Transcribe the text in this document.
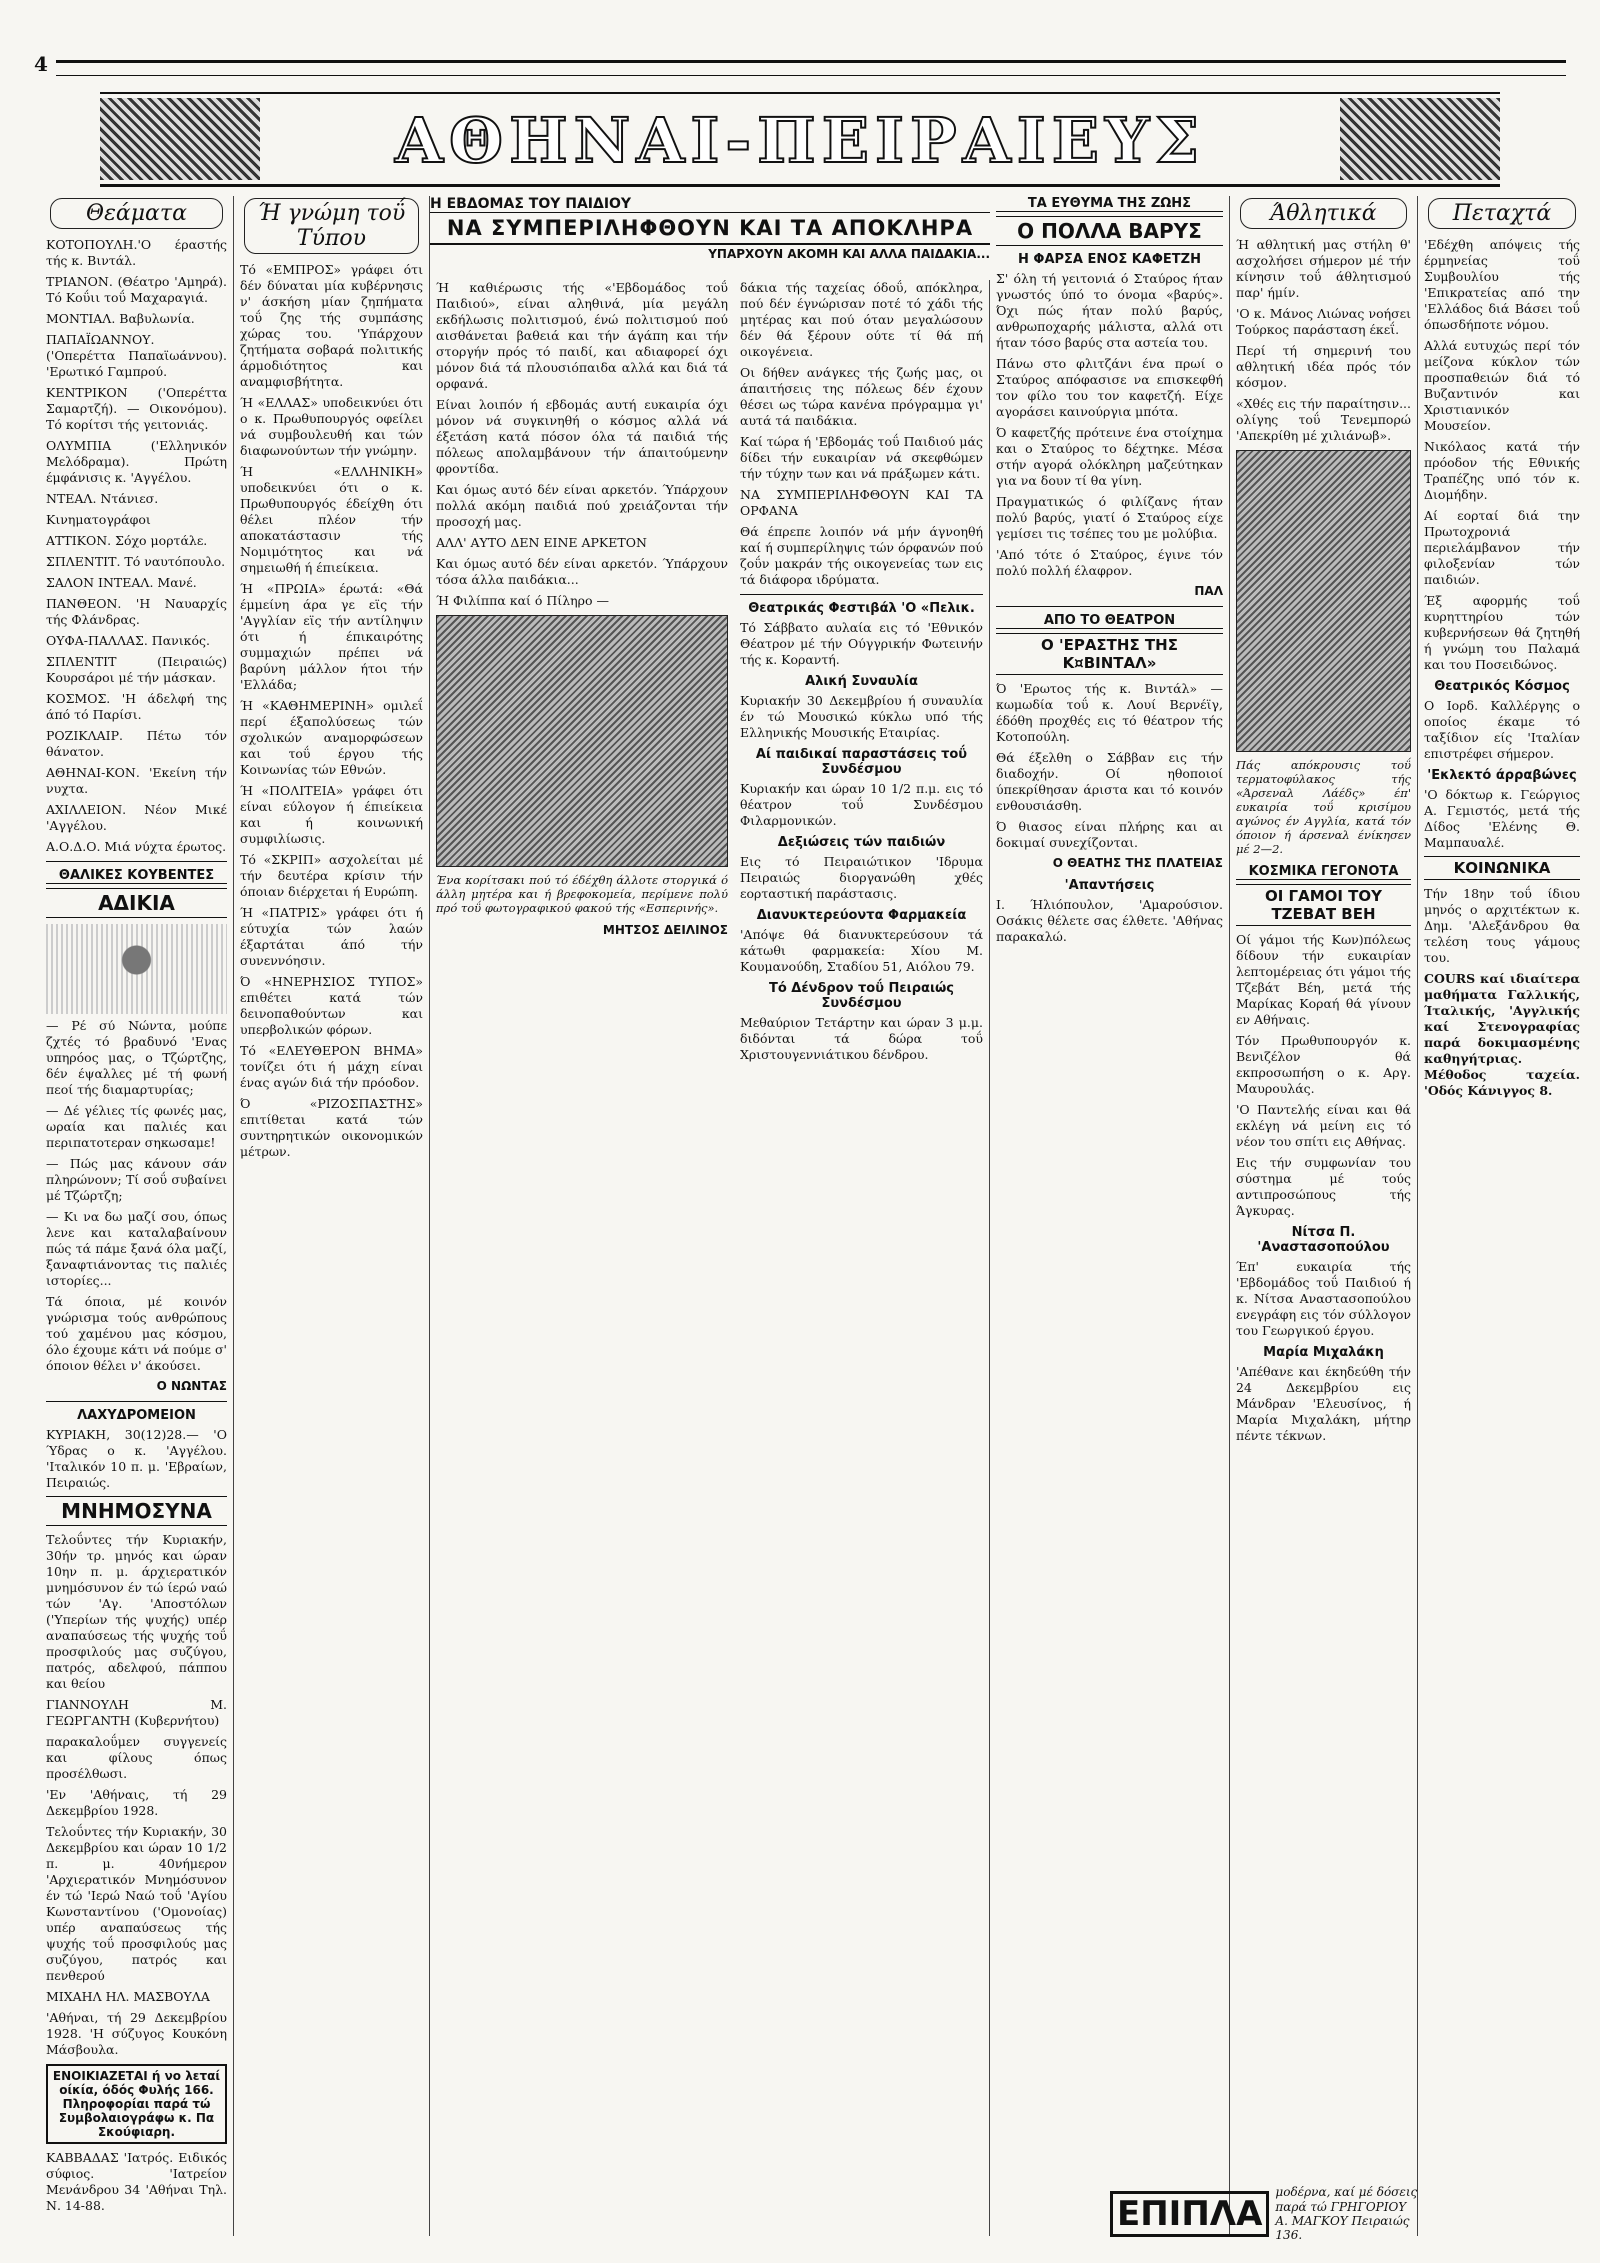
4
ΑΘΗΝΑΙ-ΠΕΙΡΑΙΕΥΣ
Θεάματα

ΚΟΤΟΠΟΥΛΗ.'Ο έραστής τής κ. Βιντάλ.

ΤΡΙΑΝΟΝ. (Θέατρο 'Αμηρά). Τό Κοΰιι τοΰ Μαχαραγιά.

ΜΟΝΤΙΑΛ. Βαβυλωνία.

ΠΑΠΑΪΩΑΝΝΟΥ. ('Οπερέττα Παπαϊωάννου). 'Ερωτικό Γαμπρού.

ΚΕΝΤΡΙΚΟΝ ('Οπερέττα Σαμαρτζή). — Οικονόμου). Τό κορίτσι τής γειτονιάς.

ΟΛΥΜΠΙΑ ('Ελληνικόν Μελόδραμα). Πρώτη έμφάνισις κ. 'Αγγέλου.

ΝΤΕΑΛ. Ντάνιεσ.

Κινηματογράφοι

ΑΤΤΙΚΟΝ. Σόχο μορτάλε.

ΣΠΛΕΝΤΙΤ. Τό ναυτόπουλο.

ΣΑΛΟΝ ΙΝΤΕΑΛ. Μανέ.

ΠΑΝΘΕΟΝ. 'Η Ναυαρχίς τής Φλάνδρας.

ΟΥΦΑ-ΠΑΛΛΑΣ. Πανικός.

ΣΠΛΕΝΤΙΤ (Πειραιώς) Κουρσάροι μέ τήν μάσκαν.

ΚΟΣΜΟΣ. 'Η άδελφή της άπό τό Παρίσι.

ΡΟΖΙΚΛΑΙΡ. Πέτω τόν θάνατον.

ΑΘΗΝΑΙ-ΚΟΝ. 'Εκείνη τήν νυχτα.

ΑΧΙΛΛΕΙΟΝ. Νέον Μικέ 'Αγγέλου.

Α.Ο.Δ.Ο. Μιά νύχτα έρωτος.

ΘΑΛΙΚΕΣ ΚΟΥΒΕΝΤΕΣ
ΑΔΙΚΙΑ

— Ρέ σύ Νώντα, μούπε ζχτές τό βραδυνό 'Ενας υπηρόος μας, ο Τζώρτζης, δέν έψαλλες μέ τή φωνή πεοί τής διαμαρτυρίας;

— Δέ γέλιες τίς φωνές μας, ωραία και παλιές και περιπατοτεραν σηκωσαμε!

— Πώς μας κάνουν σάν πληρώνονν; Τί σοΰ συβαίνει μέ Τζώρτζη;

— Κι να δω μαζί σου, όπως λενε και καταλαβαίνουν πώς τά πάμε ξανά όλα μαζί, ξαναφτιάνοντας τις παλιές ιστορίες...

Τά όποια, μέ κοινόν γνώρισμα τούς ανθρώπους τού χαμένου μας κόσμου, όλο έχουμε κάτι νά πούμε σ' όποιον θέλει ν' άκούσει.

Ο ΝΩΝΤΑΣ
ΛΑΧΥΔΡΟΜΕΙΟΝ

ΚΥΡΙΑΚΗ, 30(12)28.— 'Ο Ύδρας ο κ. 'Αγγέλου. 'Ιταλικόν 10 π. μ. 'Εβραίων, Πειραιώς.

ΜΝΗΜΟΣΥΝΑ

Τελοΰντες τήν Κυριακήν, 30ήν τρ. μηνός και ώραν 10ην π. μ. άρχιερατικόν μνημόσυνον έν τώ ίερώ ναώ τών 'Αγ. 'Αποστόλων ('Υπερίων τής ψυχής) υπέρ αναπαύσεως τής ψυχής τοΰ προσφιλούς μας συζύγου, πατρός, αδελφού, πάππου και θείου

ΓΙΑΝΝΟΥΛΗ Μ. ΓΕΩΡΓΑΝΤΗ (Κυβερνήτου)

παρακαλοΰμεν συγγενείς και φίλους όπως προσέλθωσι.

'Εν 'Αθήναις, τή 29 Δεκεμβρίου 1928.

Τελοΰντες τήν Κυριακήν, 30 Δεκεμβρίου και ώραν 10 1/2 π. μ. 40νήμερον 'Αρχιερατικόν Μνημόσυνον έν τώ 'Ιερώ Ναώ τοΰ 'Αγίου Κωνσταντίνου ('Ομονοίας) υπέρ αναπαύσεως τής ψυχής τοΰ προσφιλούς μας συζύγου, πατρός και πενθερού

ΜΙΧΑΗΛ ΗΛ. ΜΑΣΒΟΥΛΑ

'Αθήναι, τή 29 Δεκεμβρίου 1928. 'Η σύζυγος Κουκόνη Μάσβουλα.

ΕΝΟΙΚΙΑΖΕΤΑΙ ή νο λεταί οίκία, όδός Φυλής 166. Πληροφορίαι παρά τώ Συμβολαιογράφω κ. Πα Σκούφιαρη.

ΚΑΒΒΑΔΑΣ 'Ιατρός. Ειδικός σύφιος. 'Ιατρείον Μενάνδρου 34 'Αθήναι Τηλ. Ν. 14-88.

Ή γνώμη τοΰ Τύπου

Τό «ΕΜΠΡΟΣ» γράφει ότι δέν δύναται μία κυβέρνησις ν' άσκήση μίαν ζηπήματα τοΰ ζης τής συμπάσης χώρας του. 'Υπάρχουν ζητήματα σοβαρά πολιτικής άρμοδιότητος και αναμφισβήτητα.

Ή «ΕΛΛΑΣ» υποδεικνύει ότι ο κ. Πρωθυπουργός οφείλει νά συμβουλευθή και τών διαφωνούντων τήν γνώμην.

Ή «ΕΛΛΗΝΙΚΗ» υποδεικνύει ότι ο κ. Πρωθυπουργός έδείχθη ότι θέλει πλέον τήν αποκατάστασιν τής Νομιμότητος και νά σημειωθή ή έπιείκεια.

Ή «ΠΡΩΙΑ» έρωτά: «Θά έμμείνη άρα γε εϊς τήν 'Αγγλίαν εϊς τήν αντίληψιν ότι ή έπικαιρότης συμμαχιών πρέπει νά βαρύνη μάλλον ήτοι τήν 'Ελλάδα;

Ή «ΚΑΘΗΜΕΡΙΝΗ» ομιλεΐ περί έξαπολύσεως τών σχολικών αναμορφώσεων και τοΰ έργου τής Κοινωνίας τών Εθνών.

Ή «ΠΟΛΙΤΕΙΑ» γράφει ότι είναι εύλογον ή έπιείκεια και ή κοινωνική συμφιλίωσις.

Τό «ΣΚΡΙΠ» ασχολείται μέ τήν δευτέρα κρίσιν τήν όποιαν διέρχεται ή Ευρώπη.

Ή «ΠΑΤΡΙΣ» γράφει ότι ή εύτυχία τών λαών έξαρτάται άπό τήν συνεννόησιν.

Ό «ΗΝΕΡΗΣΙΟΣ ΤΥΠΟΣ» επιθέτει κατά τών δεινοπαθούντων και υπερβολικών φόρων.

Τό «ΕΛΕΥΘΕΡΟΝ ΒΗΜΑ» τονίζει ότι ή μάχη είναι ένας αγών διά τήν πρόοδον.

Ό «ΡΙΖΟΣΠΑΣΤΗΣ» επιτίθεται κατά τών συντηρητικών οικονομικών μέτρων.

Η ΕΒΔΟΜΑΣ ΤΟΥ ΠΑΙΔΙΟΥ
ΝΑ ΣΥΜΠΕΡΙΛΗΦΘΟΥΝ ΚΑΙ ΤΑ ΑΠΟΚΛΗΡΑ
ΥΠΑΡΧΟΥΝ ΑΚΟΜΗ ΚΑΙ ΑΛΛΑ ΠΑΙΔΑΚΙΑ...

Ή καθιέρωσις τής «'Εβδομάδος τοΰ Παιδιού», είναι αληθινά, μία μεγάλη εκδήλωσις πολιτισμού, ένώ πολιτισμού πού αισθάνεται βαθειά και τήν άγάπη και τήν στοργήν πρός τό παιδί, και αδιαφορεί όχι μόνον διά τά πλουσιόπαιδα αλλά και διά τά ορφανά.

Είναι λοιπόν ή εβδομάς αυτή ευκαιρία όχι μόνον νά συγκινηθή ο κόσμος αλλά νά έξετάση κατά πόσον όλα τά παιδιά τής πόλεως απολαμβάνουν τήν άπαιτούμενην φροντίδα.

Και όμως αυτό δέν είναι αρκετόν. Ύπάρχουν πολλά ακόμη παιδιά πού χρειάζονται τήν προσοχή μας.

ΑΛΛ' ΑΥΤΟ ΔΕΝ ΕΙΝΕ ΑΡΚΕΤΟΝ

Και όμως αυτό δέν είναι αρκετόν. Ύπάρχουν τόσα άλλα παιδάκια...

Ή Φιλίππα καί ό Πίληρο —

Ένα κορίτσακι πού τό έδέχθη άλλοτε στοργικά ό άλλη μητέρα και ή βρεφοκομεία, περίμενε πολύ πρό τοΰ φωτογραφικού φακού τής «Εσπερινής».
ΜΗΤΣΟΣ ΔΕΙΛΙΝΟΣ

δάκια τής ταχείας όδοΰ, απόκληρα, πού δέν έγνώρισαν ποτέ τό χάδι τής μητέρας και πού όταν μεγαλώσουν δέν θά ξέρουν ούτε τί θά πή οικογένεια.

Οι δήθεν ανάγκες τής ζωής μας, οι άπαιτήσεις της πόλεως δέν έχουν θέσει ως τώρα κανένα πρόγραμμα γι' αυτά τά παιδάκια.

Καί τώρα ή 'Εβδομάς τοΰ Παιδιού μάς δίδει τήν ευκαιρίαν νά σκεφθώμεν τήν τύχην των και νά πράξωμεν κάτι.

ΝΑ ΣΥΜΠΕΡΙΛΗΦΘΟΥΝ ΚΑΙ ΤΑ ΟΡΦΑΝΑ

Θά έπρεπε λοιπόν νά μήν άγνοηθή καί ή συμπερίληψις τών όρφανών πού ζοΰν μακράν τής οικογενείας των εις τά διάφορα ιδρύματα.

Θεατρικάς Φεστιβάλ 'Ο «Πελικ.

Τό Σάββατο αυλαία εις τό 'Εθνικόν Θέατρον μέ τήν Ούγγρικήν Φωτεινήν τής κ. Κοραντή.

Αλική Συναυλία

Κυριακήν 30 Δεκεμβρίου ή συναυλία έν τώ Μουσικώ κύκλω υπό τής Ελληνικής Μουσικής Εταιρίας.

Αί παιδικαί παραστάσεις τοΰ Συνδέσμου

Κυριακήν και ώραν 10 1/2 π.μ. εις τό θέατρον τοΰ Συνδέσμου Φιλαρμονικών.

Δεξιώσεις τών παιδιών

Εις τό Πειραιώτικον 'Ιδρυμα Πειραιώς διοργανώθη χθές εορταστική παράστασις.

Διανυκτερεύοντα Φαρμακεία

'Απόψε θά διανυκτερεύσουν τά κάτωθι φαρμακεία: Χίου Μ. Κουμανούδη, Σταδίου 51, Αιόλου 79.

Τό Δένδρον τοΰ Πειραιώς Συνδέσμου

Μεθαύριον Τετάρτην και ώραν 3 μ.μ. διδόνται τά δώρα τοΰ Χριστουγεννιάτικου δένδρου.

ΤΑ ΕΥΘΥΜΑ ΤΗΣ ΖΩΗΣ
Ο ΠΟΛΛΑ ΒΑΡΥΣ
Η ΦΑΡΣΑ ΕΝΟΣ ΚΑΦΕΤΖΗ

Σ' όλη τή γειτονιά ό Σταύρος ήταν γνωστός ύπό το όνομα «βαρύς». Όχι πώς ήταν πολύ βαρύς, ανθρωποχαρής μάλιστα, αλλά οτι ήταν τόσο βαρύς στα αστεία του.

Πάνω στο φλιτζάνι ένα πρωί ο Σταύρος απόφασισε να επισκεφθή τον φίλο του τον καφετζή. Είχε αγοράσει καινούργια μπότα.

Ό καφετζής πρότεινε ένα στοίχημα και ο Σταύρος το δέχτηκε. Μέσα στήν αγορά ολόκληρη μαζεύτηκαν για να δουν τί θα γίνη.

Πραγματικώς ό φιλίζανς ήταν πολύ βαρύς, γιατί ό Σταύρος είχε γεμίσει τις τσέπες του με μολύβια.

'Από τότε ό Σταύρος, έγινε τόν πολύ πολλή έλαφρον.

ΠΑΛ
ΑΠΟ ΤΟ ΘΕΑΤΡΟΝ
Ο 'ΕΡΑΣΤΗΣ ΤΗΣ Κ¤ΒΙΝΤΑΛ»

Ό 'Ερωτος τής κ. Βιντάλ» — κωμωδία τοΰ κ. Λουί Βερνέϊγ, έδόθη προχθές εις τό θέατρον τής Κοτοπούλη.

Θά έξελθη ο Σάββαν εις τήν διαδοχήν. Οί ηθοποιοί ύπεκρίθησαν άριστα και τό κοινόν ενθουσιάσθη.

Ό θιασος είναι πλήρης και αι δοκιμαί συνεχίζονται.

Ο ΘΕΑΤΗΣ ΤΗΣ ΠΛΑΤΕΙΑΣ
'Απαντήσεις

Ι. Ήλιόπουλον, 'Αμαρούσιον. Οσάκις θέλετε σας έλθετε. 'Αθήνας παρακαλώ.

Άθλητικά

Ή αθλητική μας στήλη θ' ασχολήσει σήμερον μέ τήν κίνησιν τοΰ άθλητισμού παρ' ήμίν.

'Ο κ. Μάνος Λιώνας νοήσει Τούρκος παράσταση έκεΐ.

Περί τή σημερινή του αθλητική ιδέα πρός τόν κόσμον.

«Χθές εις τήν παραίτησιν... ολίγης τοΰ Τενεμπορώ 'Απεκρίθη μέ χιλιάνωβ».

Πάς απόκρουσις τοΰ τερματοφύλακος τής «Άρσεναλ Λάέδς» έπ' ευκαιρία τοΰ κρισίμου αγώνος έν Αγγλία, κατά τόν όποιον ή άρσεναλ ένίκησεν μέ 2—2.
ΚΟΣΜΙΚΑ ΓΕΓΟΝΟΤΑ
ΟΙ ΓΑΜΟΙ ΤΟΥ ΤΖΕΒΑΤ ΒΕΗ

Οί γάμοι τής Κων)πόλεως δίδουν τήν ευκαιρίαν λεπτομέρειας ότι γάμοι τής Τζεβάτ Βέη, μετά τής Μαρίκας Κοραή θά γίνουν εν Αθήναις.

Τόν Πρωθυπουργόν κ. Βενιζέλον θά εκπροσωπήση ο κ. Αργ. Μαυρουλάς.

'Ο Παντελής είναι και θά εκλέγη νά μείνη εις τό νέον του σπίτι εις Αθήνας.

Εις τήν συμφωνίαν του σύστημα μέ τούς αντιπροσώπους τής Άγκυρας.

Νίτσα Π. 'Αναστασοπούλου

Έπ' ευκαιρία τής 'Εβδομάδος τοΰ Παιδιού ή κ. Νίτσα Αναστασοπούλου ενεγράφη εις τόν σύλλογον του Γεωργικού έργου.

Μαρία Μιχαλάκη

'Απέθανε και έκηδεύθη τήν 24 Δεκεμβρίου εις Μάνδραν 'Ελευσίνος, ή Μαρία Μιχαλάκη, μήτηρ πέντε τέκνων.

Πεταχτά

'Εδέχθη απόψεις τής έρμηνείας τοΰ Συμβουλίου τής 'Επικρατείας από την 'Ελλάδος διά Βάσει τοΰ όπωσδήποτε νόμου.

Αλλά ευτυχώς περί τόν μείζονα κύκλον τών προσπαθειών διά τό Βυζαντινόν και Χριστιανικόν Μουσείον.

Νικόλαος κατά τήν πρόοδον τής Εθνικής Τραπέζης υπό τόν κ. Διομήδην.

Αί εορταί διά την Πρωτοχρονιά περιελάμβανον τήν φιλοξενίαν τών παιδιών.

Έξ αφορμής τοΰ κυρηττηρίου τών κυβερνήσεων θά ζητηθή ή γνώμη του Παλαμά και του Ποσειδώνος.

Θεατρικός Κόσμος

Ο Ιορδ. Καλλέργης ο οποίος έκαμε τό ταξίδιον είς 'Ιταλίαν επιστρέφει σήμερον.

'Εκλεκτό άρραβώνες

'Ο δόκτωρ κ. Γεώργιος Α. Γεμιστός, μετά τής Δίδος 'Ελένης Θ. Μαμπαυαλέ.

ΚΟΙΝΩΝΙΚΑ

Τήν 18ην τοΰ ίδιου μηνός ο αρχιτέκτων κ. Δημ. 'Αλεξάνδρου θα τελέση τους γάμους του.

COURS καί ιδιαίτερα μαθήματα Γαλλικής, Ίταλικής, 'Αγγλικής καί Στενογραφίας παρά δοκιμασμένης καθηγήτριας. Μέθοδος ταχεία. 'Οδός Κάνιγγος 8.

ΕΠΙΠΛΑ
μοδέρνα, καί μέ δόσεις παρά τώ ΓΡΗΓΟΡΙΟΥ Α. ΜΑΓΚΟΥ Πειραιώς 136.
